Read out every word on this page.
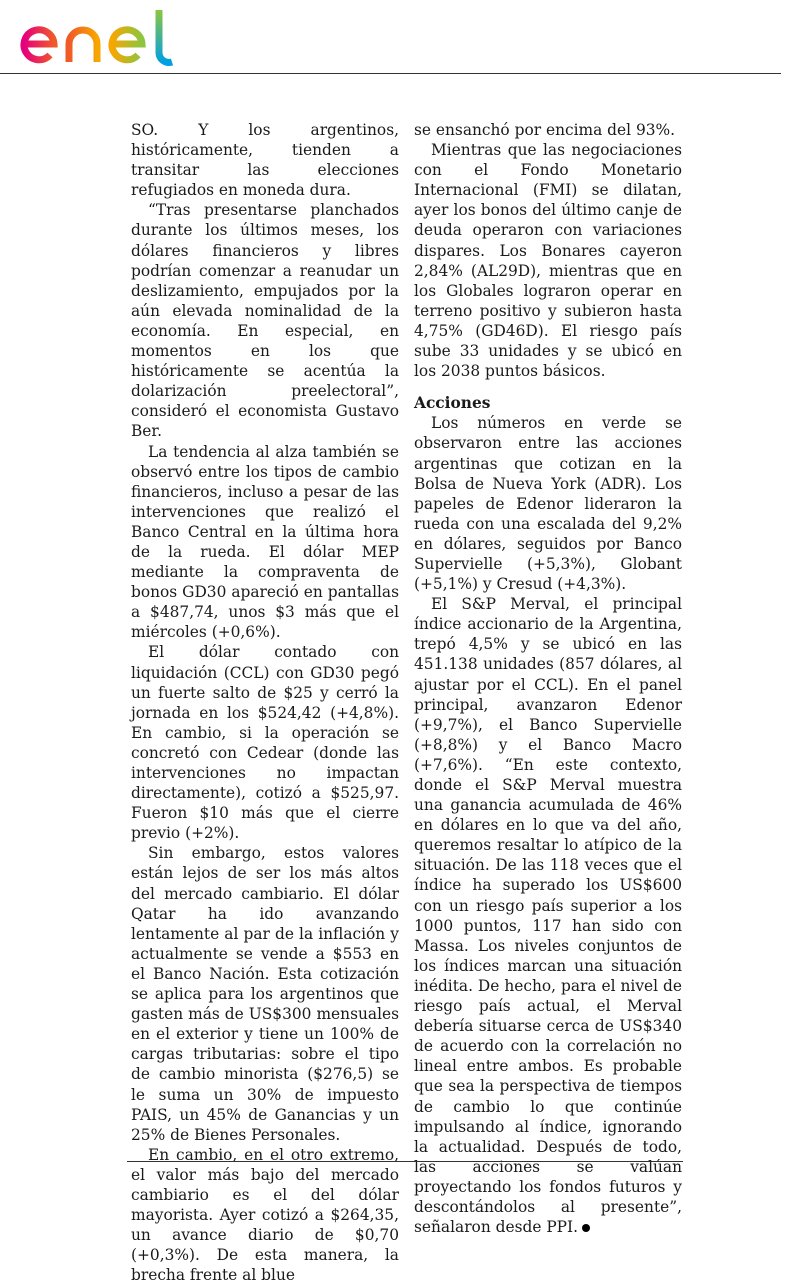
SO. Y los argentinos, históricamente, tienden a transitar las elecciones refugiados en moneda dura.

“Tras presentarse planchados durante los últimos meses, los dólares financieros y libres podrían comenzar a reanudar un deslizamiento, empujados por la aún elevada nominalidad de la economía. En especial, en momentos en los que históricamente se acentúa la dolarización preelectoral”, consideró el economista Gustavo Ber.

La tendencia al alza también se observó entre los tipos de cambio financieros, incluso a pesar de las intervenciones que realizó el Banco Central en la última hora de la rueda. El dólar MEP mediante la compraventa de bonos GD30 apareció en pantallas a $487,74, unos $3 más que el miércoles (+0,6%).

El dólar contado con liquidación (CCL) con GD30 pegó un fuerte salto de $25 y cerró la jornada en los $524,42 (+4,8%). En cambio, si la operación se concretó con Cedear (donde las intervenciones no impactan directamente), cotizó a $525,97. Fueron $10 más que el cierre previo (+2%).

Sin embargo, estos valores están lejos de ser los más altos del mercado cambiario. El dólar Qatar ha ido avanzando lentamente al par de la inflación y actualmente se vende a $553 en el Banco Nación. Esta cotización se aplica para los argentinos que gasten más de US$300 mensuales en el exterior y tiene un 100% de cargas tributarias: sobre el tipo de cambio minorista ($276,5) se le suma un 30% de impuesto PAIS, un 45% de Ganancias y un 25% de Bienes Personales.

En cambio, en el otro extremo, el valor más bajo del mercado cambiario es el del dólar mayorista. Ayer cotizó a $264,35, un avance diario de $0,70 (+0,3%). De esta manera, la brecha frente al blue

se ensanchó por encima del 93%.

Mientras que las negociaciones con el Fondo Monetario Internacional (FMI) se dilatan, ayer los bonos del último canje de deuda operaron con variaciones dispares. Los Bonares cayeron 2,84% (AL29D), mientras que en los Globales lograron operar en terreno positivo y subieron hasta 4,75% (GD46D). El riesgo país sube 33 unidades y se ubicó en los 2038 puntos básicos.

Acciones

Los números en verde se observaron entre las acciones argentinas que cotizan en la Bolsa de Nueva York (ADR). Los papeles de Edenor lideraron la rueda con una escalada del 9,2% en dólares, seguidos por Banco Supervielle (+5,3%), Globant (+5,1%) y Cresud (+4,3%).

El S&P Merval, el principal índice accionario de la Argentina, trepó 4,5% y se ubicó en las 451.138 unidades (857 dólares, al ajustar por el CCL). En el panel principal, avanzaron Edenor (+9,7%), el Banco Supervielle (+8,8%) y el Banco Macro (+7,6%). “En este contexto, donde el S&P Merval muestra una ganancia acumulada de 46% en dólares en lo que va del año, queremos resaltar lo atípico de la situación. De las 118 veces que el índice ha superado los US$600 con un riesgo país superior a los 1000 puntos, 117 han sido con Massa. Los niveles conjuntos de los índices marcan una situación inédita. De hecho, para el nivel de riesgo país actual, el Merval debería situarse cerca de US$340 de acuerdo con la correlación no lineal entre ambos. Es probable que sea la perspectiva de tiempos de cambio lo que continúe impulsando al índice, ignorando la actualidad. Después de todo, las acciones se valúan proyectando los fondos futuros y descontándolos al presente”, señalaron desde PPI.
